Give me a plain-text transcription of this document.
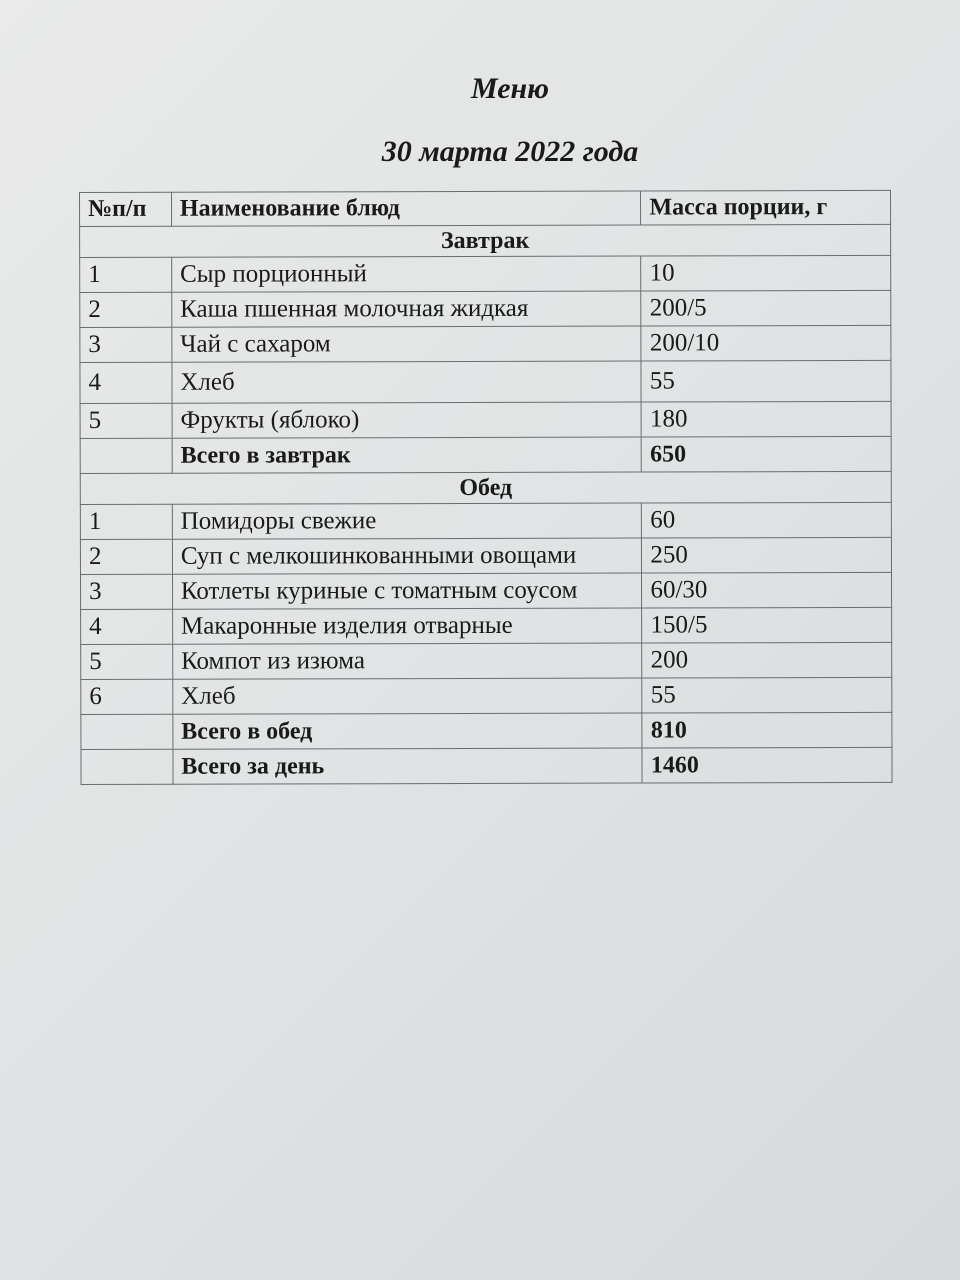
Меню
30 марта 2022 года
№п/п	Наименование блюд	Масса порции, г
Завтрак		
1	Сыр порционный	10
2	Каша пшенная молочная жидкая	200/5
3	Чай с сахаром	200/10
4	Хлеб	55
5	Фрукты (яблоко)	180
	Всего в завтрак	650
Обед		
1	Помидоры свежие	60
2	Суп с мелкошинкованными овощами	250
3	Котлеты куриные с томатным соусом	60/30
4	Макаронные изделия отварные	150/5
5	Компот из изюма	200
6	Хлеб	55
	Всего в обед	810
	Всего за день	1460
